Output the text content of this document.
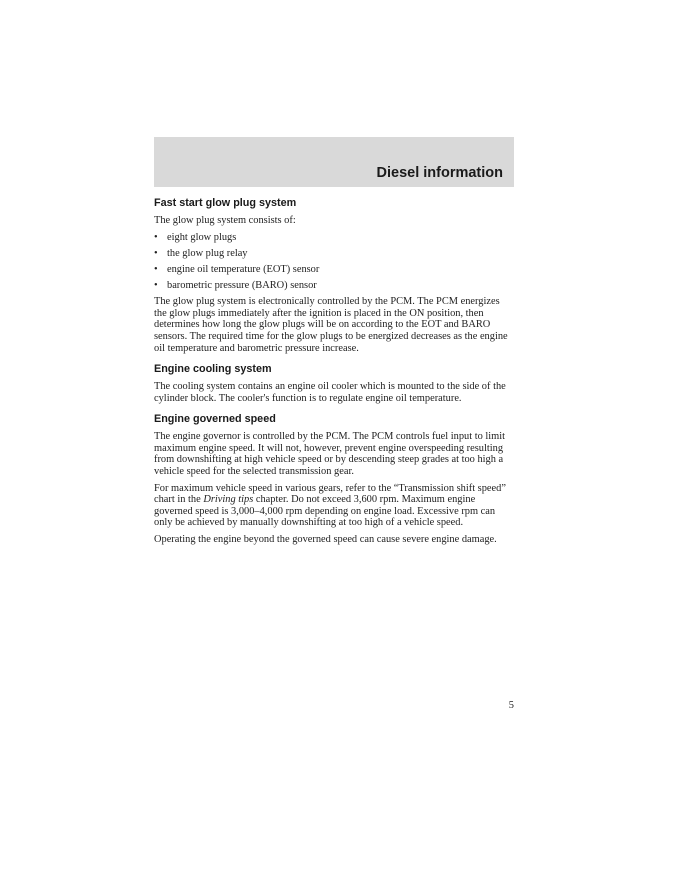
Diesel information
Fast start glow plug system

The glow plug system consists of:

• eight glow plugs
• the glow plug relay
• engine oil temperature (EOT) sensor
• barometric pressure (BARO) sensor

The glow plug system is electronically controlled by the PCM. The PCM energizes the glow plugs immediately after the ignition is placed in the ON position, then determines how long the glow plugs will be on according to the EOT and BARO sensors. The required time for the glow plugs to be energized decreases as the engine oil temperature and barometric pressure increase.

Engine cooling system

The cooling system contains an engine oil cooler which is mounted to the side of the cylinder block. The cooler's function is to regulate engine oil temperature.

Engine governed speed

The engine governor is controlled by the PCM. The PCM controls fuel input to limit maximum engine speed. It will not, however, prevent engine overspeeding resulting from downshifting at high vehicle speed or by descending steep grades at too high a vehicle speed for the selected transmission gear.

For maximum vehicle speed in various gears, refer to the “Transmission shift speed” chart in the Driving tips chapter. Do not exceed 3,600 rpm. Maximum engine governed speed is 3,000–4,000 rpm depending on engine load. Excessive rpm can only be achieved by manually downshifting at too high of a vehicle speed.

Operating the engine beyond the governed speed can cause severe engine damage.

5
